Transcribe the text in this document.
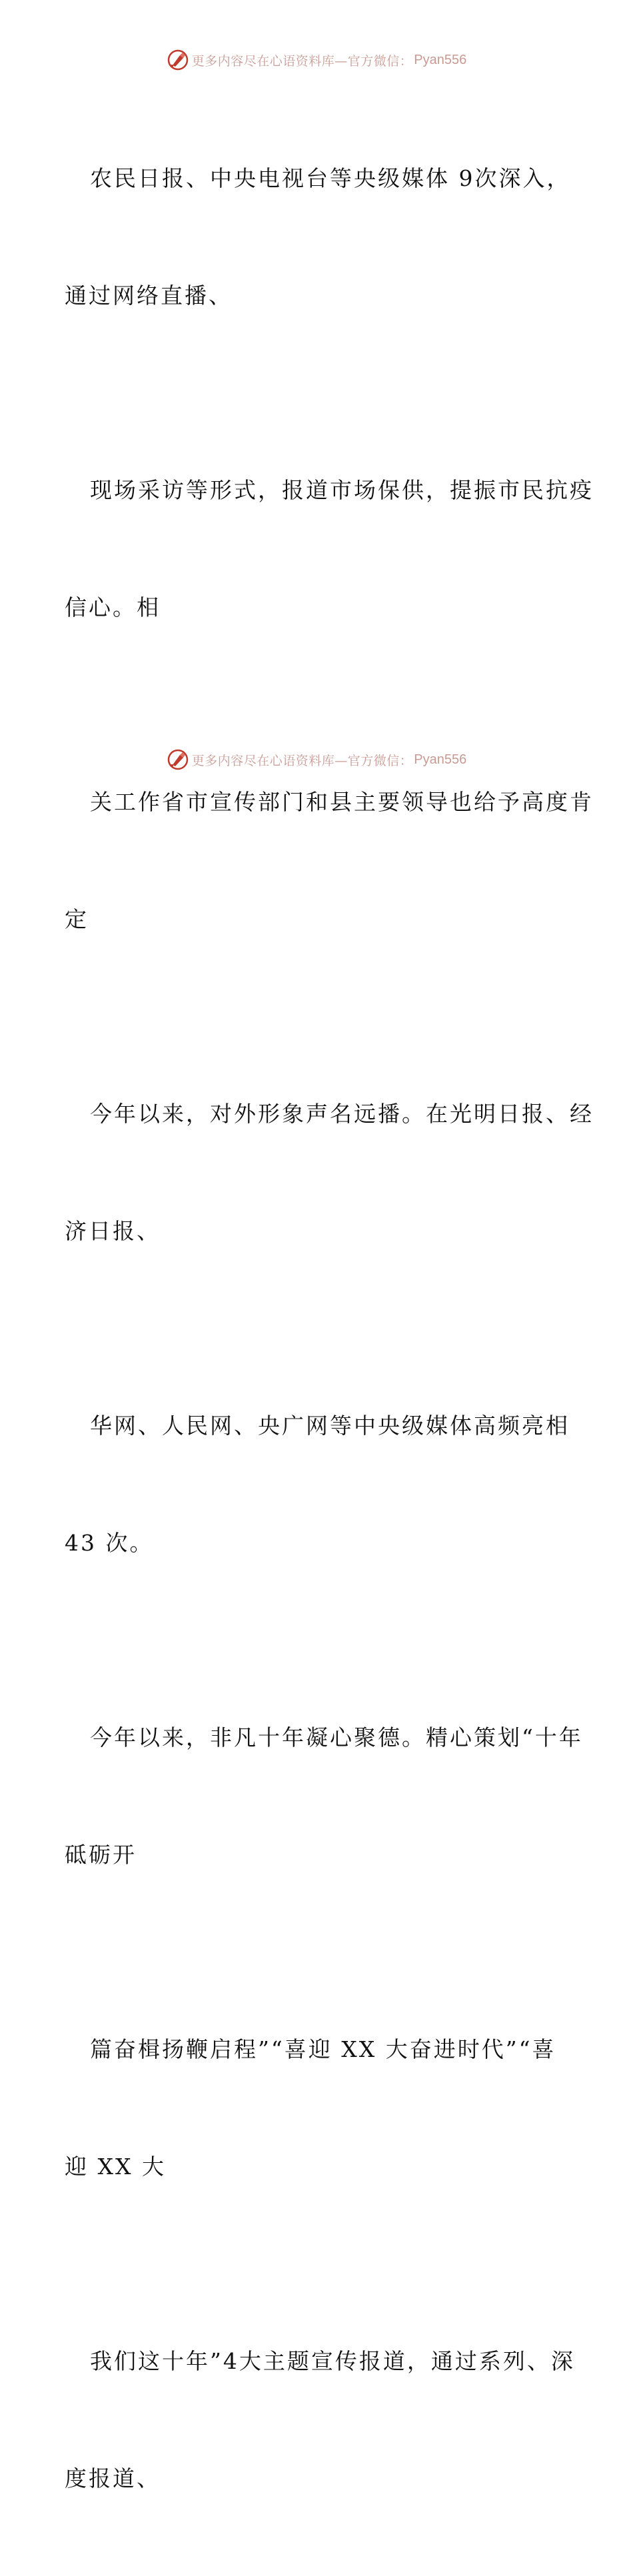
更多内容尽在心语资料库—官方微信： Pyan556

农民日报、中央电视台等央级媒体 9次深入，

通过网络直播、

现场采访等形式，报道市场保供，提振市民抗疫

信心。相

关工作省市宣传部门和县主要领导也给予高度肯

定

今年以来，对外形象声名远播。在光明日报、经

济日报、

华网、人民网、央广网等中央级媒体高频亮相

43 次。

今年以来，非凡十年凝心聚德。精心策划“十年

砥砺开

篇奋楫扬鞭启程”“喜迎 XX 大奋进时代”“喜

迎 XX 大

我们这十年”4大主题宣传报道，通过系列、深

度报道、

更多内容尽在心语资料库—官方微信： Pyan556
